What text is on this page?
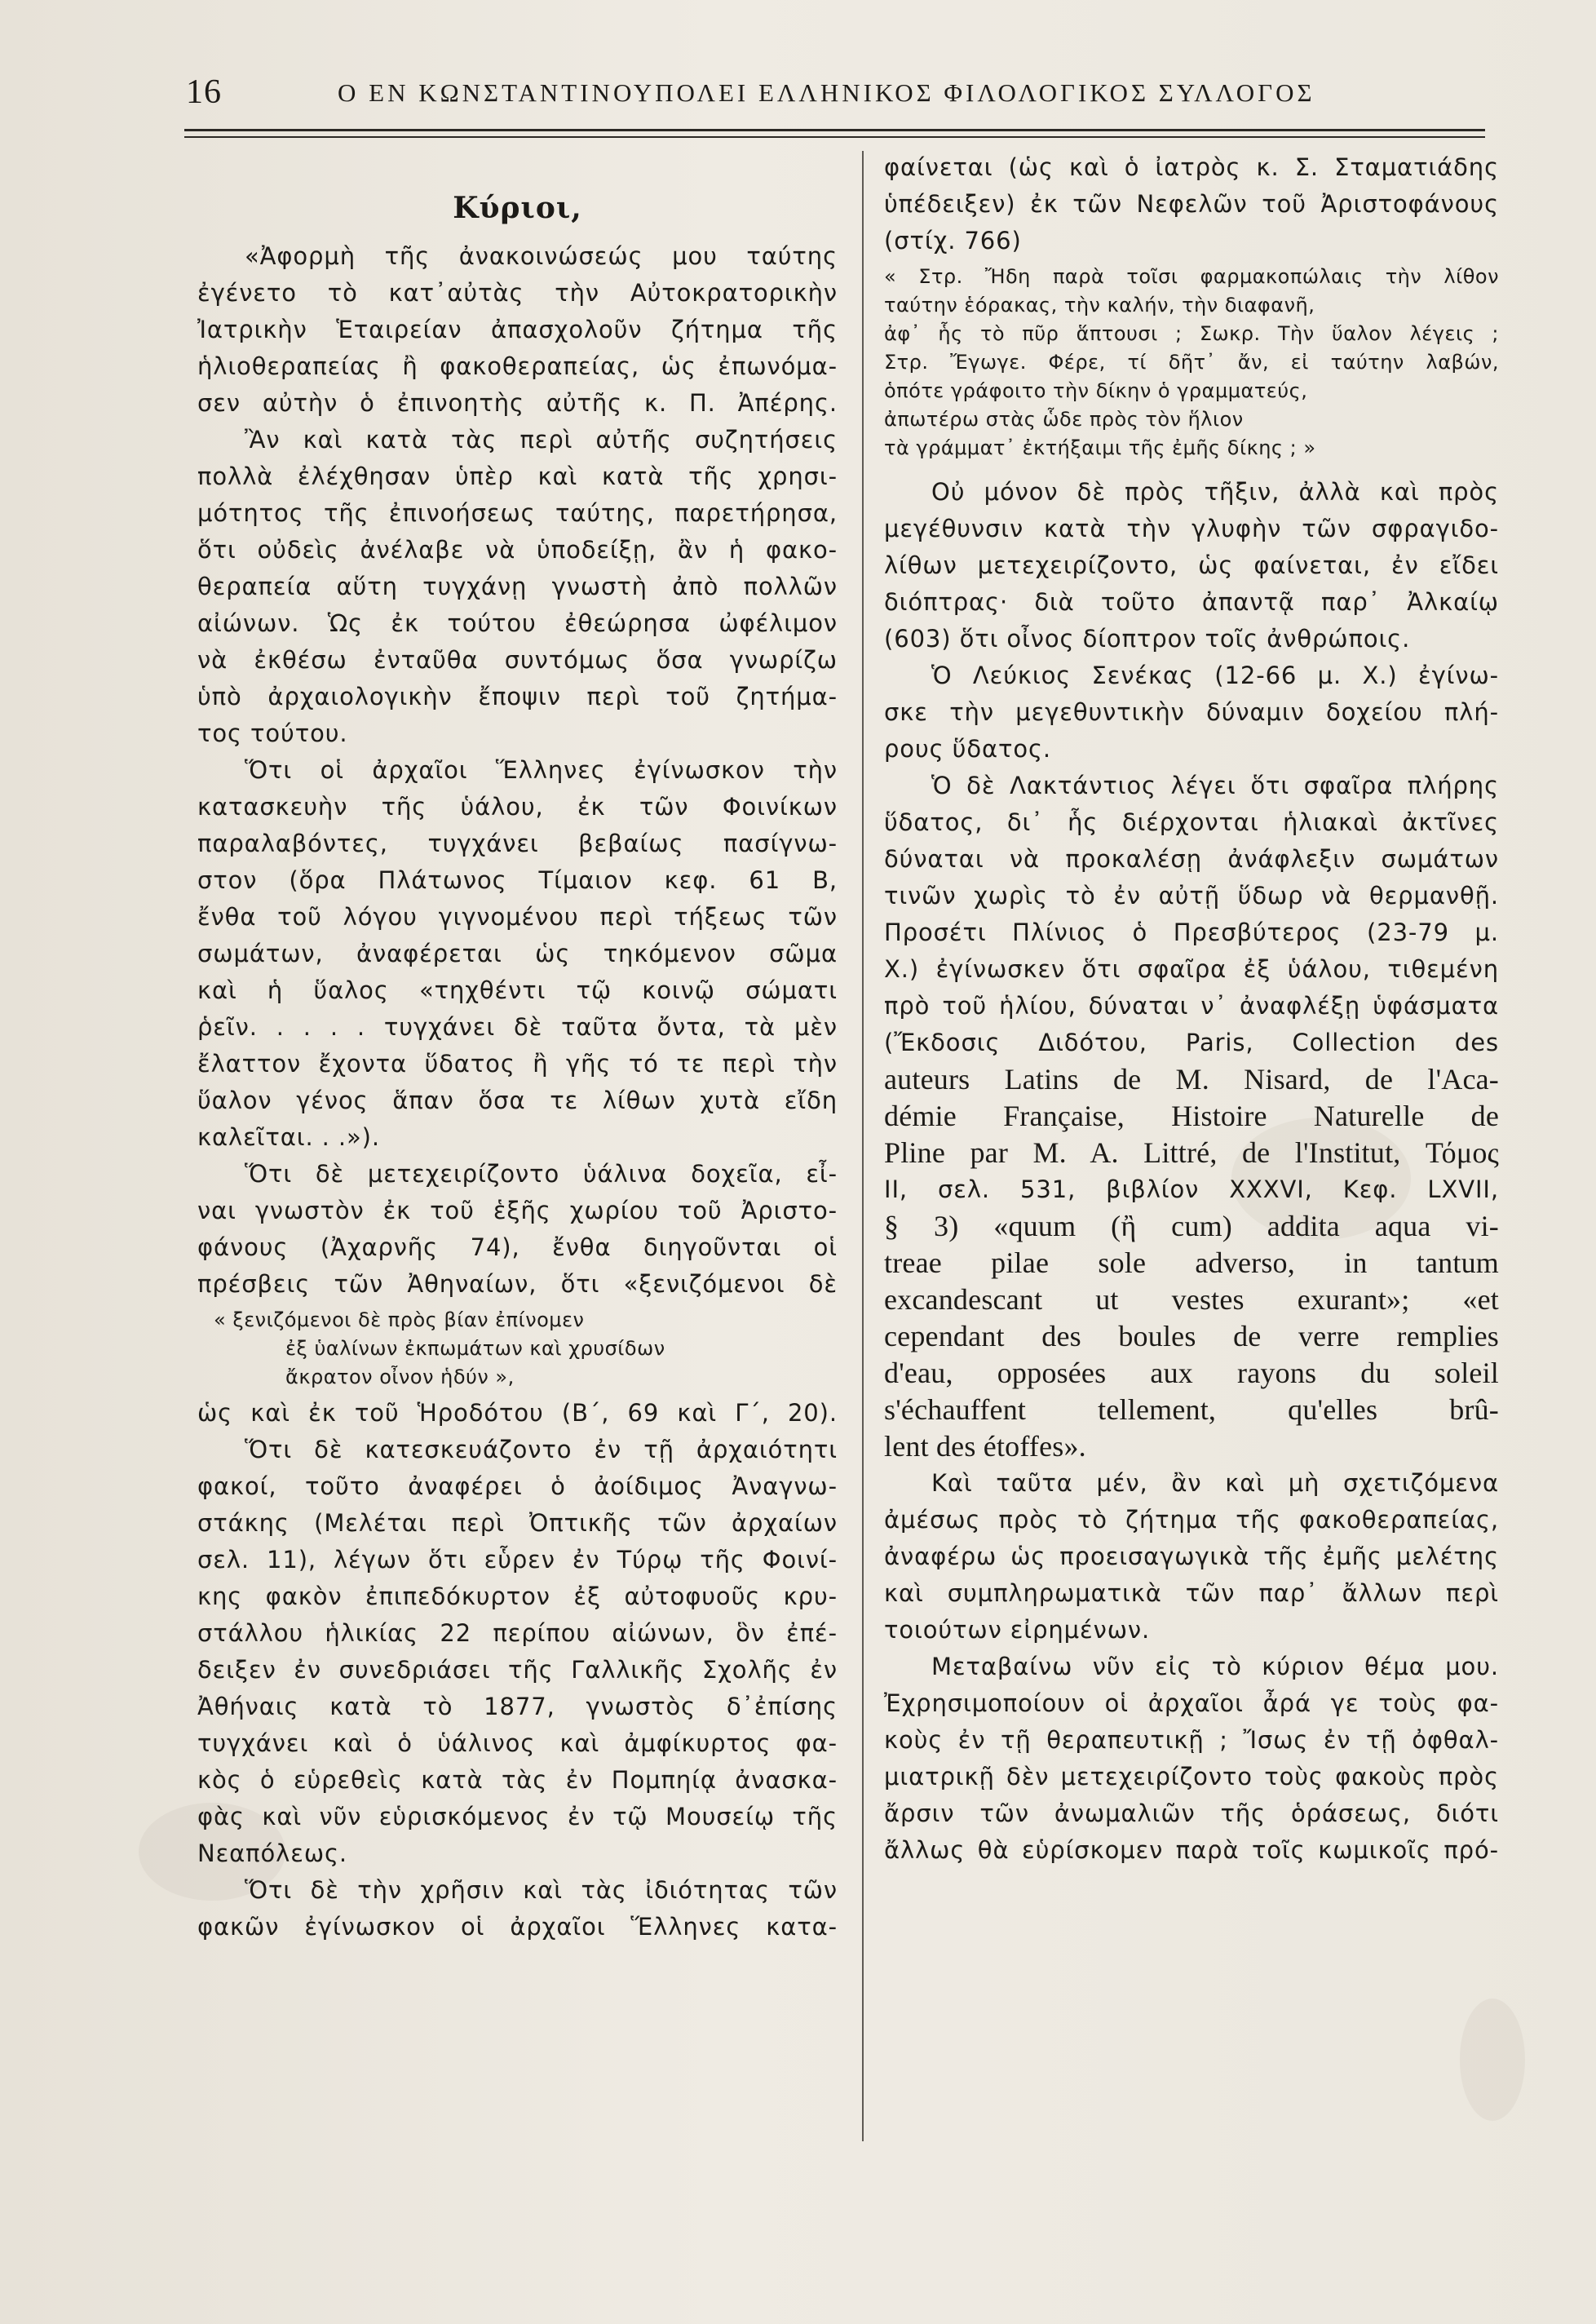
16	Ο ΕΝ ΚΩΝΣΤΑΝΤΙΝΟΥΠΟΛΕΙ ΕΛΛΗΝΙΚΟΣ ΦΙΛΟΛΟΓΙΚΟΣ ΣΥΛΛΟΓΟΣ
Κύριοι,
«Ἀφορμὴ τῆς ἀνακοινώσεώς μου ταύτης
ἐγένετο τὸ κατ᾽αὐτὰς τὴν Αὐτοκρατορικὴν
Ἰατρικὴν Ἑταιρείαν ἀπασχολοῦν ζήτημα τῆς
ἡλιοθεραπείας ἢ φακοθεραπείας, ὡς ἐπωνόμα-
σεν αὐτὴν ὁ ἐπινοητὴς αὐτῆς κ. Π. Ἀπέρης.
Ἂν καὶ κατὰ τὰς περὶ αὐτῆς συζητήσεις
πολλὰ ἐλέχθησαν ὑπὲρ καὶ κατὰ τῆς χρησι-
μότητος τῆς ἐπινοήσεως ταύτης, παρετήρησα,
ὅτι οὐδεὶς ἀνέλαβε νὰ ὑποδείξῃ, ἂν ἡ φακο-
θεραπεία αὕτη τυγχάνῃ γνωστὴ ἀπὸ πολλῶν
αἰώνων. Ὡς ἐκ τούτου ἐθεώρησα ὠφέλιμον
νὰ ἐκθέσω ἐνταῦθα συντόμως ὅσα γνωρίζω
ὑπὸ ἀρχαιολογικὴν ἔποψιν περὶ τοῦ ζητήμα-
τος τούτου.
Ὅτι οἱ ἀρχαῖοι Ἕλληνες ἐγίνωσκον τὴν
κατασκευὴν τῆς ὑάλου, ἐκ τῶν Φοινίκων
παραλαβόντες, τυγχάνει βεβαίως πασίγνω-
στον (ὅρα Πλάτωνος Τίμαιον κεφ. 61 Β,
ἔνθα τοῦ λόγου γιγνομένου περὶ τήξεως τῶν
σωμάτων, ἀναφέρεται ὡς τηκόμενον σῶμα
καὶ ἡ ὕαλος «τηχθέντι τῷ κοινῷ σώματι
ῥεῖν. . . . . τυγχάνει δὲ ταῦτα ὄντα, τὰ μὲν
ἔλαττον ἔχοντα ὕδατος ἢ γῆς τό τε περὶ τὴν
ὕαλον γένος ἅπαν ὅσα τε λίθων χυτὰ εἴδη
καλεῖται. . .»).
Ὅτι δὲ μετεχειρίζοντο ὑάλινα δοχεῖα, εἶ-
ναι γνωστὸν ἐκ τοῦ ἑξῆς χωρίου τοῦ Ἀριστο-
φάνους (Ἀχαρνῆς 74), ἔνθα διηγοῦνται οἱ
πρέσβεις τῶν Ἀθηναίων, ὅτι «ξενιζόμενοι δὲ
« ξενιζόμενοι δὲ πρὸς βίαν ἐπίνομεν
ἐξ ὑαλίνων ἐκπωμάτων καὶ χρυσίδων
ἄκρατον οἶνον ἡδύν »,
ὡς καὶ ἐκ τοῦ Ἡροδότου (Β΄, 69 καὶ Γ΄, 20).
Ὅτι δὲ κατεσκευάζοντο ἐν τῇ ἀρχαιότητι
φακοί, τοῦτο ἀναφέρει ὁ ἀοίδιμος Ἀναγνω-
στάκης (Μελέται περὶ Ὀπτικῆς τῶν ἀρχαίων
σελ. 11), λέγων ὅτι εὗρεν ἐν Τύρῳ τῆς Φοινί-
κης φακὸν ἐπιπεδόκυρτον ἐξ αὐτοφυοῦς κρυ-
στάλλου ἡλικίας 22 περίπου αἰώνων, ὃν ἐπέ-
δειξεν ἐν συνεδριάσει τῆς Γαλλικῆς Σχολῆς ἐν
Ἀθήναις κατὰ τὸ 1877, γνωστὸς δ᾽ἐπίσης
τυγχάνει καὶ ὁ ὑάλινος καὶ ἀμφίκυρτος φα-
κὸς ὁ εὑρεθεὶς κατὰ τὰς ἐν Πομπηίᾳ ἀνασκα-
φὰς καὶ νῦν εὑρισκόμενος ἐν τῷ Μουσείῳ τῆς
Νεαπόλεως.
Ὅτι δὲ τὴν χρῆσιν καὶ τὰς ἰδιότητας τῶν
φακῶν ἐγίνωσκον οἱ ἀρχαῖοι Ἕλληνες κατα-
φαίνεται (ὡς καὶ ὁ ἰατρὸς κ. Σ. Σταματιάδης
ὑπέδειξεν) ἐκ τῶν Νεφελῶν τοῦ Ἀριστοφάνους
(στίχ. 766)
« Στρ. Ἤδη παρὰ τοῖσι φαρμακοπώλαις τὴν λίθον
ταύτην ἑόρακας, τὴν καλήν, τὴν διαφανῆ,
ἀφ᾽ ἧς τὸ πῦρ ἅπτουσι ; Σωκρ. Τὴν ὕαλον λέγεις ;
Στρ. Ἔγωγε. Φέρε, τί δῆτ᾽ ἄν, εἰ ταύτην λαβών,
ὁπότε γράφοιτο τὴν δίκην ὁ γραμματεύς,
ἀπωτέρω στὰς ὧδε πρὸς τὸν ἥλιον
τὰ γράμματ᾽ ἐκτήξαιμι τῆς ἐμῆς δίκης ; »
Οὐ μόνον δὲ πρὸς τῆξιν, ἀλλὰ καὶ πρὸς
μεγέθυνσιν κατὰ τὴν γλυφὴν τῶν σφραγιδο-
λίθων μετεχειρίζοντο, ὡς φαίνεται, ἐν εἴδει
διόπτρας· διὰ τοῦτο ἀπαντᾷ παρ᾽ Ἀλκαίῳ
(603) ὅτι οἶνος δίοπτρον τοῖς ἀνθρώποις.
Ὁ Λεύκιος Σενέκας (12-66 μ. Χ.) ἐγίνω-
σκε τὴν μεγεθυντικὴν δύναμιν δοχείου πλή-
ρους ὕδατος.
Ὁ δὲ Λακτάντιος λέγει ὅτι σφαῖρα πλήρης
ὕδατος, δι᾽ ἧς διέρχονται ἡλιακαὶ ἀκτῖνες
δύναται νὰ προκαλέσῃ ἀνάφλεξιν σωμάτων
τινῶν χωρὶς τὸ ἐν αὐτῇ ὕδωρ νὰ θερμανθῇ.
Προσέτι Πλίνιος ὁ Πρεσβύτερος (23-79 μ.
Χ.) ἐγίνωσκεν ὅτι σφαῖρα ἐξ ὑάλου, τιθεμένη
πρὸ τοῦ ἡλίου, δύναται ν᾽ ἀναφλέξῃ ὑφάσματα
(Ἔκδοσις Διδότου, Paris, Collection des
auteurs Latins de M. Nisard, de l'Aca-
démie Française, Histoire Naturelle de
Pline par M. A. Littré, de l'Institut, Τόμος
ΙΙ, σελ. 531, βιβλίον XXXVI, Κεφ. LXVII,
§ 3) «quum (ἢ cum) addita aqua vi-
treae pilae sole adverso, in tantum
excandescant ut vestes exurant»; «et
cependant des boules de verre remplies
d'eau, opposées aux rayons du soleil
s'échauffent tellement, qu'elles brû-
lent des étoffes».
Καὶ ταῦτα μέν, ἂν καὶ μὴ σχετιζόμενα
ἀμέσως πρὸς τὸ ζήτημα τῆς φακοθεραπείας,
ἀναφέρω ὡς προεισαγωγικὰ τῆς ἐμῆς μελέτης
καὶ συμπληρωματικὰ τῶν παρ᾽ ἄλλων περὶ
τοιούτων εἰρημένων.
Μεταβαίνω νῦν εἰς τὸ κύριον θέμα μου.
Ἐχρησιμοποίουν οἱ ἀρχαῖοι ἆρά γε τοὺς φα-
κοὺς ἐν τῇ θεραπευτικῇ ; Ἴσως ἐν τῇ ὀφθαλ-
μιατρικῇ δὲν μετεχειρίζοντο τοὺς φακοὺς πρὸς
ἄρσιν τῶν ἀνωμαλιῶν τῆς ὁράσεως, διότι
ἄλλως θὰ εὑρίσκομεν παρὰ τοῖς κωμικοῖς πρό-
